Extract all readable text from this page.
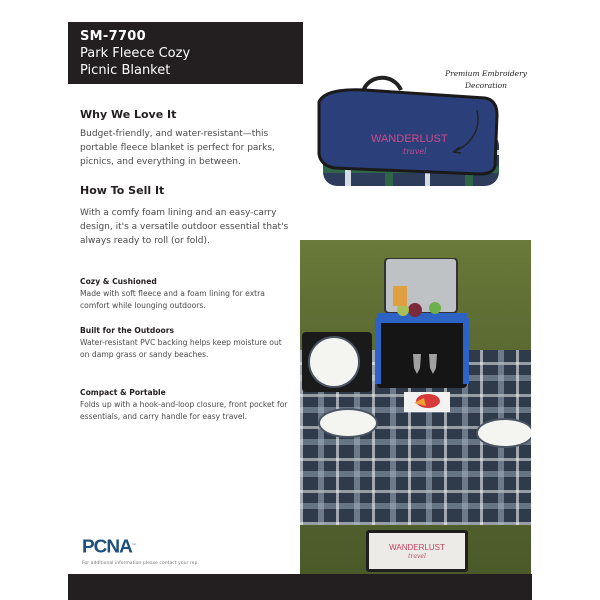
SM-7700
Park Fleece Cozy
Picnic Blanket
Why We Love It
Budget-friendly, and water-resistant—this portable fleece blanket is perfect for parks, picnics, and everything in between.
How To Sell It
With a comfy foam lining and an easy-carry design, it's a versatile outdoor essential that's always ready to roll (or fold).
Cozy & Cushioned
Made with soft fleece and a foam lining for extra comfort while lounging outdoors.
Built for the Outdoors
Water-resistant PVC backing helps keep moisture out on damp grass or sandy beaches.
Compact & Portable
Folds up with a hook-and-loop closure, front pocket for essentials, and carry handle for easy travel.
WANDERLUST
travel
Premium Embroidery Decoration
WANDERLUST
travel
PCNA™
For additional information please contact your rep
